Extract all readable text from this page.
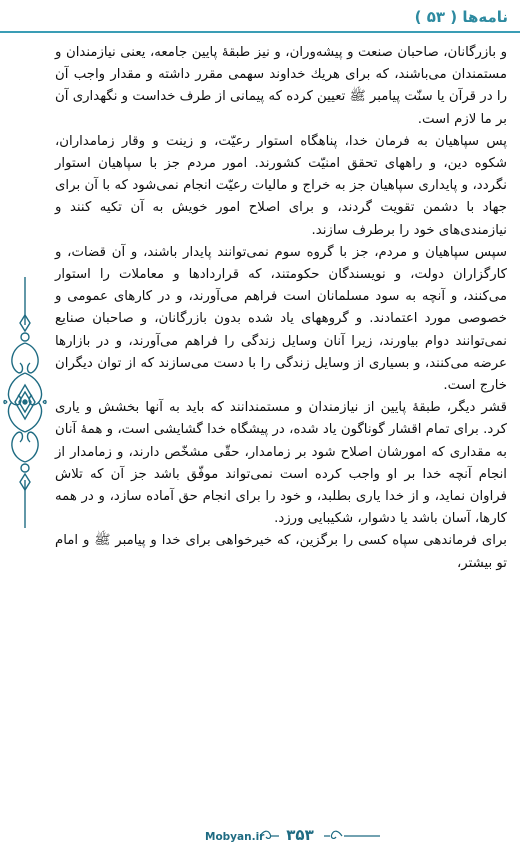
نامه‌ها ( ۵۳ )

و بازرگانان، صاحبان صنعت و پیشه‌وران، و نیز طبقهٔ پایین جامعه، یعنی نیازمندان و مستمندان می‌باشند، که برای هریك خداوند سهمی مقرر داشته و مقدار واجب آن را در قرآن یا سنّت پیامبر ﷺ تعیین کرده که پیمانی از طرف خداست و نگهداری آن بر ما لازم است.

پس سپاهیان به فرمان خدا، پناهگاه استوار رعیّت، و زینت و وقار زمامداران، شکوه دین، و راههای تحقق امنیّت کشورند. امور مردم جز با سپاهیان استوار نگردد، و پایداری سپاهیان جز به خراج و مالیات رعیّت انجام نمی‌شود که با آن برای جهاد با دشمن تقویت گردند، و برای اصلاح امور خویش به آن تکیه کنند و نیازمندی‌های خود را برطرف سازند.

سپس سپاهیان و مردم، جز با گروه سوم نمی‌توانند پایدار باشند، و آن قضات، و کارگزاران دولت، و نویسندگان حکومتند، که قراردادها و معاملات را استوار می‌کنند، و آنچه به سود مسلمانان است فراهم می‌آورند، و در کارهای عمومی و خصوصی مورد اعتمادند. و گروههای یاد شده بدون بازرگانان، و صاحبان صنایع نمی‌توانند دوام بیاورند، زیرا آنان وسایل زندگی را فراهم می‌آورند، و در بازارها عرضه می‌کنند، و بسیاری از وسایل زندگی را با دست می‌سازند که از توان دیگران خارج است.

قشر دیگر، طبقهٔ پایین از نیازمندان و مستمندانند که باید به آنها بخشش و یاری کرد. برای تمام اقشار گوناگون یاد شده، در پیشگاه خدا گشایشی است، و همهٔ آنان به مقداری که امورشان اصلاح شود بر زمامدار، حقّی مشخّص دارند، و زمامدار از انجام آنچه خدا بر او واجب کرده است نمی‌تواند موفّق باشد جز آن که تلاش فراوان نماید، و از خدا یاری بطلبد، و خود را برای انجام حق آماده سازد، و در همه کارها، آسان باشد یا دشوار، شکیبایی ورزد.

برای فرماندهی سپاه کسی را برگزین، که خیرخواهی برای خدا و پیامبر ﷺ و امام تو بیشتر،

Mobyan.ir	۳۵۳
